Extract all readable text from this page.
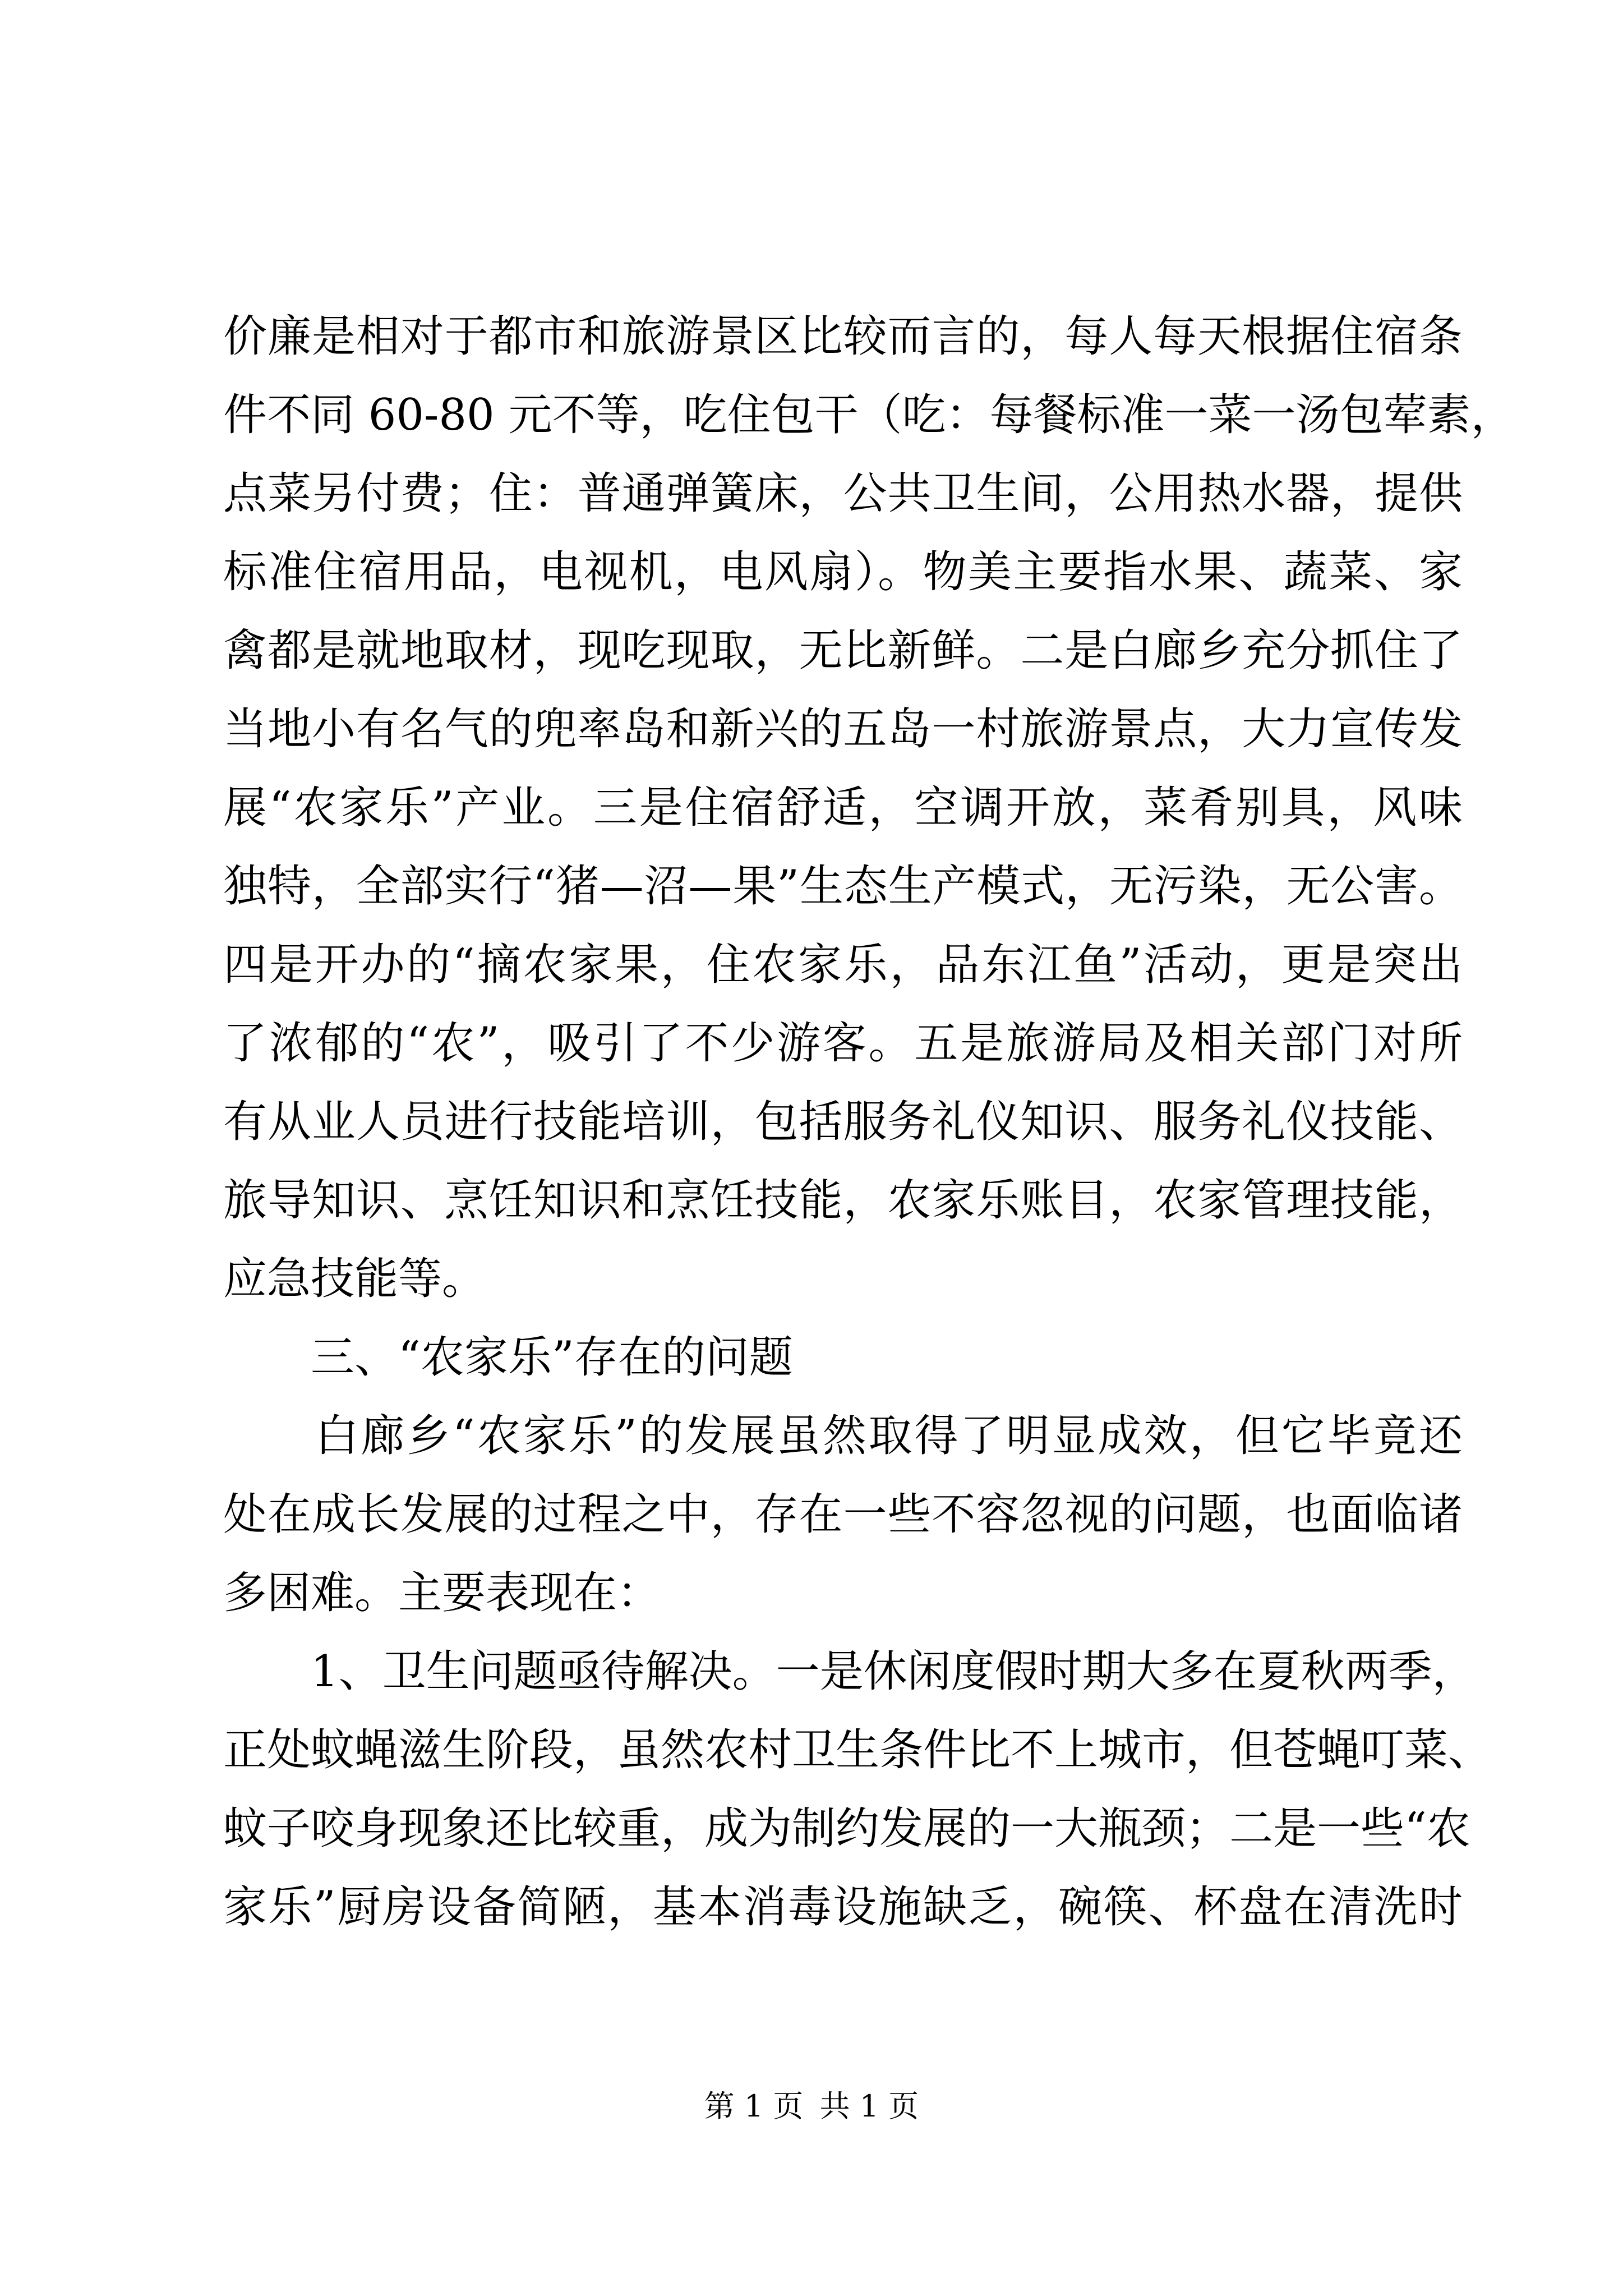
价廉是相对于都市和旅游景区比较而言的，每人每天根据住宿条
件不同 60-80 元不等，吃住包干（吃：每餐标准一菜一汤包荤素，
点菜另付费；住：普通弹簧床，公共卫生间，公用热水器，提供
标准住宿用品，电视机，电风扇）。物美主要指水果、蔬菜、家
禽都是就地取材，现吃现取，无比新鲜。二是白廊乡充分抓住了
当地小有名气的兜率岛和新兴的五岛一村旅游景点，大力宣传发
展“农家乐”产业。三是住宿舒适，空调开放，菜肴别具，风味
独特，全部实行“猪—沼—果”生态生产模式，无污染，无公害。
四是开办的“摘农家果，住农家乐，品东江鱼”活动，更是突出
了浓郁的“农”，吸引了不少游客。五是旅游局及相关部门对所
有从业人员进行技能培训，包括服务礼仪知识、服务礼仪技能、
旅导知识、烹饪知识和烹饪技能，农家乐账目，农家管理技能，
应急技能等。
　　三、“农家乐”存在的问题
　　白廊乡“农家乐”的发展虽然取得了明显成效，但它毕竟还
处在成长发展的过程之中，存在一些不容忽视的问题，也面临诸
多困难。主要表现在：
　　1、卫生问题亟待解决。一是休闲度假时期大多在夏秋两季，
正处蚊蝇滋生阶段，虽然农村卫生条件比不上城市，但苍蝇叮菜、
蚊子咬身现象还比较重，成为制约发展的一大瓶颈；二是一些“农
家乐”厨房设备简陋，基本消毒设施缺乏，碗筷、杯盘在清洗时
第 1 页 共 1 页
